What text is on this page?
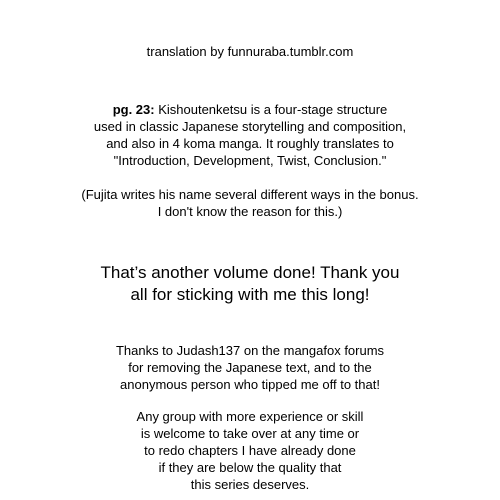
translation by funnuraba.tumblr.com
pg. 23: Kishoutenketsu is a four-stage structure
used in classic Japanese storytelling and composition,
and also in 4 koma manga. It roughly translates to
"Introduction, Development, Twist, Conclusion."
(Fujita writes his name several different ways in the bonus.
I don't know the reason for this.)
That’s another volume done! Thank you
all for sticking with me this long!
Thanks to Judash137 on the mangafox forums
for removing the Japanese text, and to the
anonymous person who tipped me off to that!
Any group with more experience or skill
is welcome to take over at any time or
to redo chapters I have already done
if they are below the quality that
this series deserves.
